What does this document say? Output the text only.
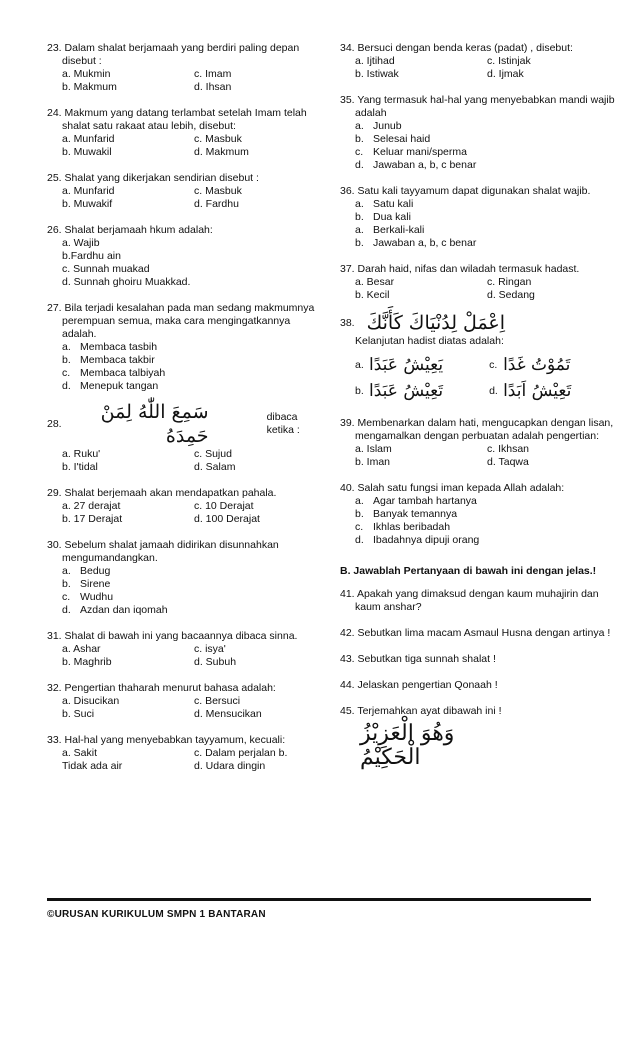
23. Dalam shalat berjamaah yang berdiri paling depan
disebut :
a. Mukmin	c. Imam
b. Makmum	d. Ihsan
24. Makmum yang datang terlambat setelah Imam telah
shalat satu rakaat atau lebih, disebut:
a. Munfarid	c. Masbuk
b. Muwakil	d. Makmum
25. Shalat yang dikerjakan sendirian disebut :
a. Munfarid	c. Masbuk
b. Muwakif	d. Fardhu
26. Shalat berjamaah hkum adalah:
a. Wajib
b.Fardhu ain
c. Sunnah muakad
d. Sunnah ghoiru Muakkad.
27. Bila terjadi kesalahan pada man sedang makmumnya
perempuan semua, maka cara mengingatkannya
adalah.
a. Membaca tasbih
b. Membaca takbir
c. Membaca talbiyah
d. Menepuk tangan
28.
سَمِعَ اللّٰهُ لِمَنْ حَمِدَهُ
dibaca ketika :
a. Ruku'	c. Sujud
b. I'tidal	d. Salam
29. Shalat berjemaah akan mendapatkan pahala.
a. 27 derajat	c. 10 Derajat
b. 17 Derajat	d. 100 Derajat
30. Sebelum shalat jamaah didirikan disunnahkan
mengumandangkan.
a. Bedug
b. Sirene
c. Wudhu
d. Azdan dan iqomah
31. Shalat di bawah ini yang bacaannya dibaca sinna.
a. Ashar	c. isya'
b. Maghrib	d. Subuh
32. Pengertian thaharah menurut bahasa adalah:
a. Disucikan	c. Bersuci
b. Suci	d. Mensucikan
33. Hal-hal yang menyebabkan tayyamum, kecuali:
a. Sakit	c. Dalam perjalan b.
Tidak ada air	d. Udara dingin
34. Bersuci dengan benda keras (padat) , disebut:
a. Ijtihad	c. Istinjak
b. Istiwak	d. Ijmak
35. Yang termasuk hal-hal yang menyebabkan mandi wajib
adalah
a. Junub
b. Selesai haid
c. Keluar mani/sperma
d. Jawaban a, b, c benar
36. Satu kali tayyamum dapat digunakan shalat wajib.
a. Satu kali
b. Dua kali
a. Berkali-kali
b. Jawaban a, b, c benar
37. Darah haid, nifas dan wiladah termasuk hadast.
a. Besar	c. Ringan
b. Kecil	d. Sedang
38. اِعْمَلْ لِدُنْيَاكَ كَأَنَّكَ
Kelanjutan hadist diatas adalah:
a. يَعِيْشُ عَبَدًا	c. تَمُوْتُ غَدًا
b. تَعِيْشُ عَبَدًا	d. تَعِيْشُ اَبَدًا
39. Membenarkan dalam hati, mengucapkan dengan lisan,
mengamalkan dengan perbuatan adalah pengertian:
a. Islam	c. Ikhsan
b. Iman	d. Taqwa
40. Salah satu fungsi iman kepada Allah adalah:
a. Agar tambah hartanya
b. Banyak temannya
c. Ikhlas beribadah
d. Ibadahnya dipuji orang
B. Jawablah Pertanyaan di bawah ini dengan jelas.!
41. Apakah yang dimaksud dengan kaum muhajirin dan
kaum anshar?
42. Sebutkan lima macam Asmaul Husna dengan artinya !
43. Sebutkan tiga sunnah shalat !
44. Jelaskan pengertian Qonaah !
45. Terjemahkan ayat dibawah ini !
وَهُوَ الْعَزِيْزُ الْحَكِيْمُ
©URUSAN KURIKULUM SMPN 1 BANTARAN
